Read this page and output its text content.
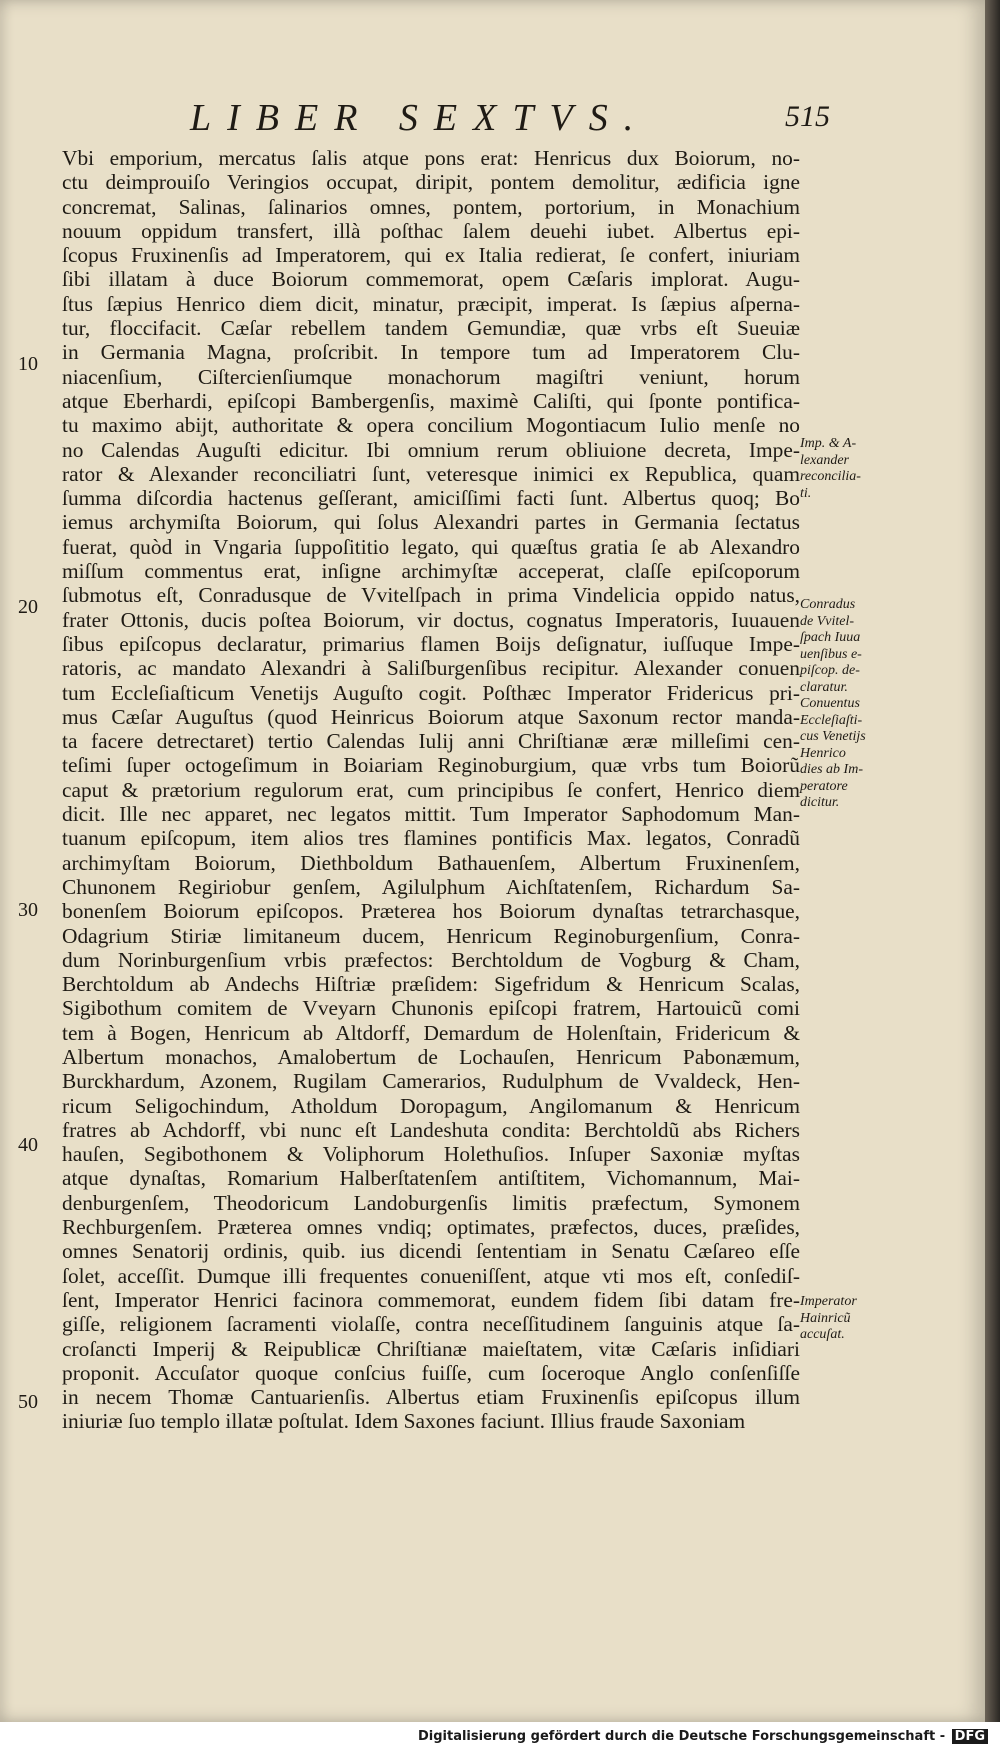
LIBER SEXTVS.	515
10
20
30
40
50
Vbi emporium, mercatus ſalis atque pons erat: Henricus dux Boiorum, no-
ctu deimprouiſo Veringios occupat, diripit, pontem demolitur, ædificia igne
concremat, Salinas, ſalinarios omnes, pontem, portorium, in Monachium
nouum oppidum transfert, illà poſthac ſalem deuehi iubet. Albertus epi-
ſcopus Fruxinenſis ad Imperatorem, qui ex Italia redierat, ſe confert, iniuriam
ſibi illatam à duce Boiorum commemorat, opem Cæſaris implorat. Augu-
ſtus ſæpius Henrico diem dicit, minatur, præcipit, imperat. Is ſæpius aſperna-
tur, floccifacit. Cæſar rebellem tandem Gemundiæ, quæ vrbs eſt Sueuiæ
in Germania Magna, proſcribit. In tempore tum ad Imperatorem Clu-
niacenſium, Ciſtercienſiumque monachorum magiſtri veniunt, horum
atque Eberhardi, epiſcopi Bambergenſis, maximè Caliſti, qui ſponte pontifica-
tu maximo abijt, authoritate & opera concilium Mogontiacum Iulio menſe no
no Calendas Auguſti edicitur. Ibi omnium rerum obliuione decreta, Impe-
rator & Alexander reconciliatri ſunt, veteresque inimici ex Republica, quam
ſumma diſcordia hactenus geſſerant, amiciſſimi facti ſunt. Albertus quoq; Bo
iemus archymiſta Boiorum, qui ſolus Alexandri partes in Germania ſectatus
fuerat, quòd in Vngaria ſuppoſititio legato, qui quæſtus gratia ſe ab Alexandro
miſſum commentus erat, inſigne archimyſtæ acceperat, claſſe epiſcoporum
ſubmotus eſt, Conradusque de Vvitelſpach in prima Vindelicia oppido natus,
frater Ottonis, ducis poſtea Boiorum, vir doctus, cognatus Imperatoris, Iuuauen
ſibus epiſcopus declaratur, primarius flamen Boijs deſignatur, iuſſuque Impe-
ratoris, ac mandato Alexandri à Saliſburgenſibus recipitur. Alexander conuen
tum Eccleſiaſticum Venetijs Auguſto cogit. Poſthæc Imperator Fridericus pri-
mus Cæſar Auguſtus (quod Heinricus Boiorum atque Saxonum rector manda-
ta facere detrectaret) tertio Calendas Iulij anni Chriſtianæ æræ milleſimi cen-
teſimi ſuper octogeſimum in Boiariam Reginoburgium, quæ vrbs tum Boiorũ
caput & prætorium regulorum erat, cum principibus ſe confert, Henrico diem
dicit. Ille nec apparet, nec legatos mittit. Tum Imperator Saphodomum Man-
tuanum epiſcopum, item alios tres flamines pontificis Max. legatos, Conradũ
archimyſtam Boiorum, Diethboldum Bathauenſem, Albertum Fruxinenſem,
Chunonem Regiriobur genſem, Agilulphum Aichſtatenſem, Richardum Sa-
bonenſem Boiorum epiſcopos. Præterea hos Boiorum dynaſtas tetrarchasque,
Odagrium Stiriæ limitaneum ducem, Henricum Reginoburgenſium, Conra-
dum Norinburgenſium vrbis præfectos: Berchtoldum de Vogburg & Cham,
Berchtoldum ab Andechs Hiſtriæ præſidem: Sigefridum & Henricum Scalas,
Sigibothum comitem de Vveyarn Chunonis epiſcopi fratrem, Hartouicũ comi
tem à Bogen, Henricum ab Altdorff, Demardum de Holenſtain, Fridericum &
Albertum monachos, Amalobertum de Lochauſen, Henricum Pabonæmum,
Burckhardum, Azonem, Rugilam Camerarios, Rudulphum de Vvaldeck, Hen-
ricum Seligochindum, Atholdum Doropagum, Angilomanum & Henricum
fratres ab Achdorff, vbi nunc eſt Landeshuta condita: Berchtoldũ abs Richers
hauſen, Segibothonem & Voliphorum Holethuſios. Inſuper Saxoniæ myſtas
atque dynaſtas, Romarium Halberſtatenſem antiſtitem, Vichomannum, Mai-
denburgenſem, Theodoricum Landoburgenſis limitis præfectum, Symonem
Rechburgenſem. Præterea omnes vndiq; optimates, præfectos, duces, præſides,
omnes Senatorij ordinis, quib. ius dicendi ſententiam in Senatu Cæſareo eſſe
ſolet, acceſſit. Dumque illi frequentes conueniſſent, atque vti mos eſt, conſediſ-
ſent, Imperator Henrici facinora commemorat, eundem fidem ſibi datam fre-
giſſe, religionem ſacramenti violaſſe, contra neceſſitudinem ſanguinis atque ſa-
croſancti Imperij & Reipublicæ Chriſtianæ maieſtatem, vitæ Cæſaris inſidiari
proponit. Accuſator quoque conſcius fuiſſe, cum ſoceroque Anglo conſenſiſſe
in necem Thomæ Cantuarienſis. Albertus etiam Fruxinenſis epiſcopus illum
iniuriæ ſuo templo illatæ poſtulat. Idem Saxones faciunt. Illius fraude Saxoniam
Imp. & A-
lexander
reconcilia-
ti.
Conradus
de Vvitel-
ſpach Iuua
uenſibus e-
piſcop. de-
claratur.
Conuentus
Eccleſiaſti-
cus Venetijs
Henrico
dies ab Im-
peratore
dicitur.
Imperator
Hainricũ
accuſat.
Digitalisierung gefördert durch die Deutsche Forschungsgemeinschaft - DFG
